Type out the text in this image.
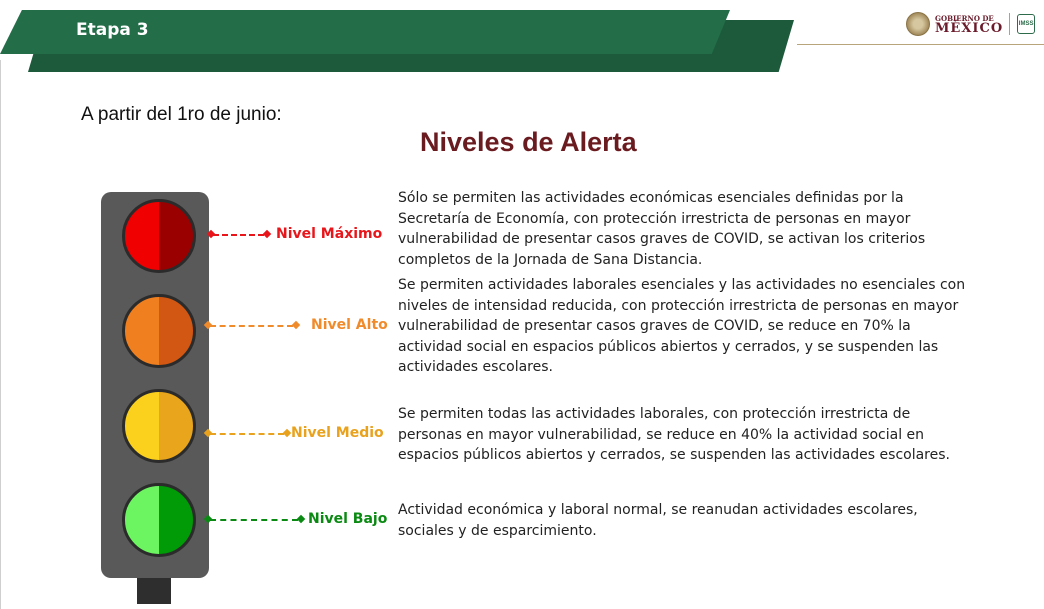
Etapa 3
GOBIERNO DE
MÉXICO	IMSS
A partir del 1ro de junio:
Niveles de Alerta
Nivel Máximo
Sólo se permiten las actividades económicas esenciales definidas por la Secretaría de Economía, con protección irrestricta de personas en mayor vulnerabilidad de presentar casos graves de COVID, se activan los criterios completos de la Jornada de Sana Distancia.
Nivel Alto
Se permiten actividades laborales esenciales y las actividades no esenciales con niveles de intensidad reducida, con protección irrestricta de personas en mayor vulnerabilidad de presentar casos graves de COVID, se reduce en 70% la actividad social en espacios públicos abiertos y cerrados, y se suspenden las actividades escolares.
Nivel Medio
Se permiten todas las actividades laborales, con protección irrestricta de personas en mayor vulnerabilidad, se reduce en 40% la actividad social en espacios públicos abiertos y cerrados, se suspenden las actividades escolares.
Nivel Bajo
Actividad económica y laboral normal, se reanudan actividades escolares, sociales y de esparcimiento.
